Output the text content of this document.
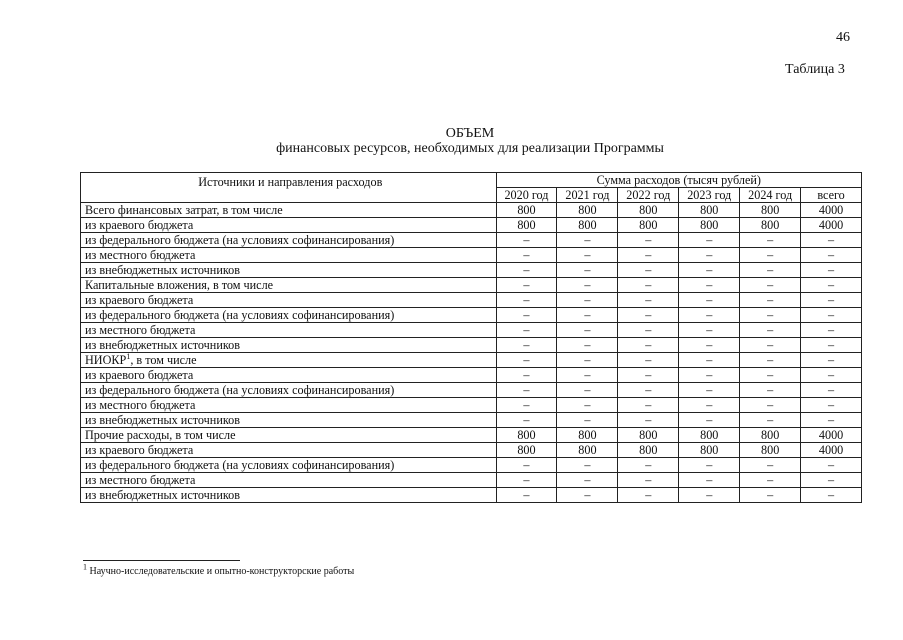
46
Таблица 3
ОБЪЕМ
финансовых ресурсов, необходимых для реализации Программы
Источники и направления расходов	Сумма расходов (тысяч рублей)					
	2020 год	2021 год	2022 год	2023 год	2024 год	всего
Всего финансовых затрат, в том числе	800	800	800	800	800	4000
из краевого бюджета	800	800	800	800	800	4000
из федерального бюджета (на условиях софинансирования)	–	–	–	–	–	–
из местного бюджета	–	–	–	–	–	–
из внебюджетных источников	–	–	–	–	–	–
Капитальные вложения, в том числе	–	–	–	–	–	–
из краевого бюджета	–	–	–	–	–	–
из федерального бюджета (на условиях софинансирования)	–	–	–	–	–	–
из местного бюджета	–	–	–	–	–	–
из внебюджетных источников	–	–	–	–	–	–
НИОКР$^1$, в том числе	–	–	–	–	–	–
из краевого бюджета	–	–	–	–	–	–
из федерального бюджета (на условиях софинансирования)	–	–	–	–	–	–
из местного бюджета	–	–	–	–	–	–
из внебюджетных источников	–	–	–	–	–	–
Прочие расходы, в том числе	800	800	800	800	800	4000
из краевого бюджета	800	800	800	800	800	4000
из федерального бюджета (на условиях софинансирования)	–	–	–	–	–	–
из местного бюджета	–	–	–	–	–	–
из внебюджетных источников	–	–	–	–	–	–
$^1$ Научно-исследовательские и опытно-конструкторские работы
